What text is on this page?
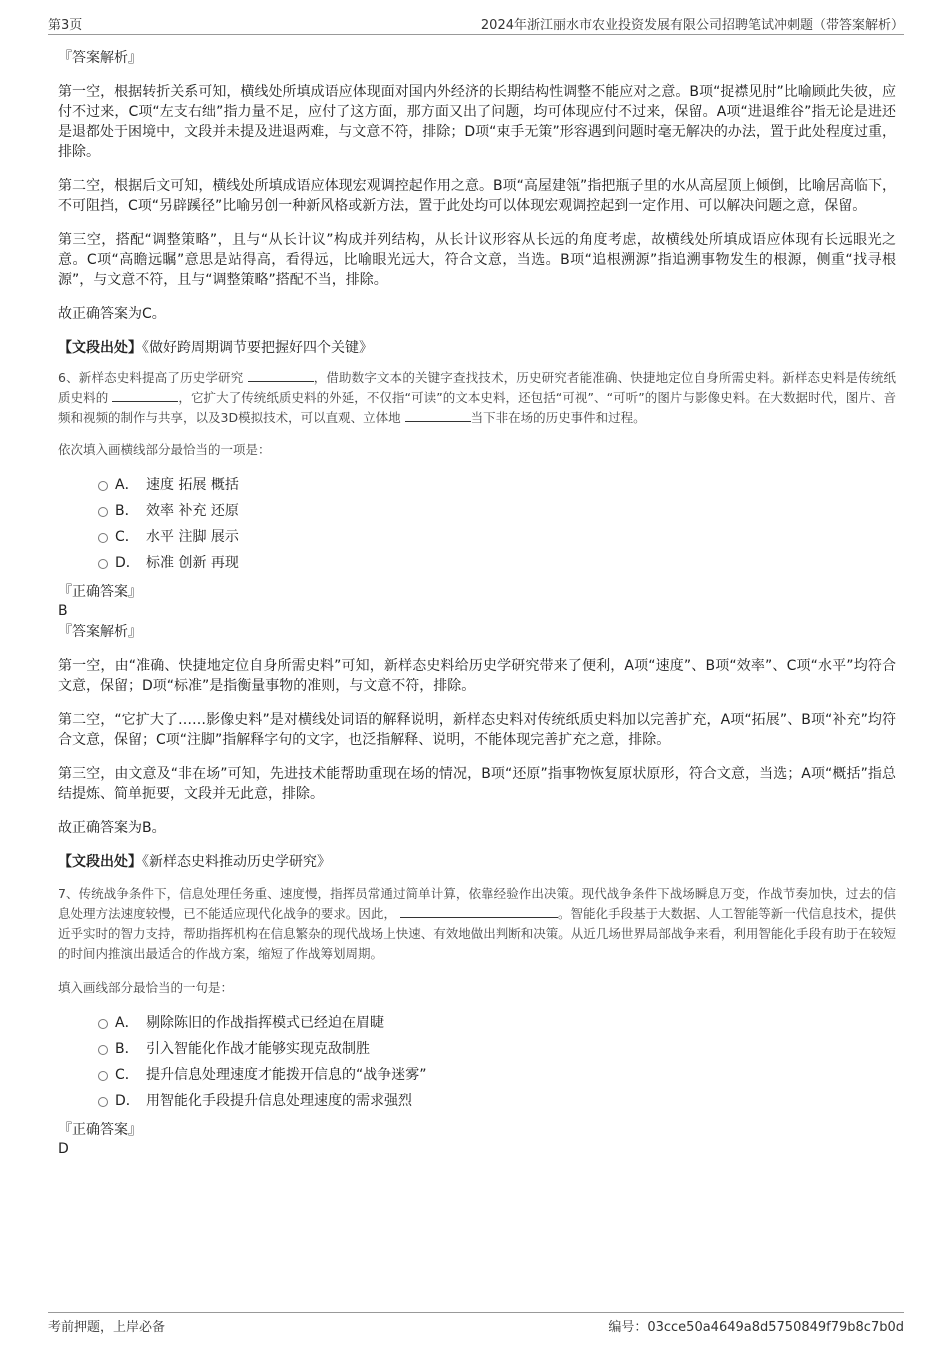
第3页	2024年浙江丽水市农业投资发展有限公司招聘笔试冲刺题（带答案解析）
『答案解析』

第一空，根据转折关系可知，横线处所填成语应体现面对国内外经济的长期结构性调整不能应对之意。B项“捉襟见肘”比喻顾此失彼，应付不过来，C项“左支右绌”指力量不足，应付了这方面，那方面又出了问题，均可体现应付不过来，保留。A项“进退维谷”指无论是进还是退都处于困境中，文段并未提及进退两难，与文意不符，排除；D项“束手无策”形容遇到问题时毫无解决的办法，置于此处程度过重，排除。

第二空，根据后文可知，横线处所填成语应体现宏观调控起作用之意。B项“高屋建瓴”指把瓶子里的水从高屋顶上倾倒，比喻居高临下，不可阻挡，C项“另辟蹊径”比喻另创一种新风格或新方法，置于此处均可以体现宏观调控起到一定作用、可以解决问题之意，保留。

第三空，搭配“调整策略”，且与“从长计议”构成并列结构，从长计议形容从长远的角度考虑，故横线处所填成语应体现有长远眼光之意。C项“高瞻远瞩”意思是站得高，看得远，比喻眼光远大，符合文意，当选。B项“追根溯源”指追溯事物发生的根源，侧重“找寻根源”，与文意不符，且与“调整策略”搭配不当，排除。

故正确答案为C。

【文段出处】《做好跨周期调节要把握好四个关键》

6、新样态史料提高了历史学研究	，借助数字文本的关键字查找技术，历史研究者能准确、快捷地定位自身所需史料。新样态史料是传统纸质史料的	，它扩大了传统纸质史料的外延，不仅指“可读”的文本史料，还包括“可视”、“可听”的图片与影像史料。在大数据时代，图片、音频和视频的制作与共享，以及3D模拟技术，可以直观、立体地	当下非在场的历史事件和过程。

依次填入画横线部分最恰当的一项是：

A． 速度 拓展 概括
B． 效率 补充 还原
C． 水平 注脚 展示
D． 标准 创新 再现
『正确答案』
B
『答案解析』

第一空，由“准确、快捷地定位自身所需史料”可知，新样态史料给历史学研究带来了便利，A项“速度”、B项“效率”、C项“水平”均符合文意，保留；D项“标准”是指衡量事物的准则，与文意不符，排除。

第二空，“它扩大了……影像史料”是对横线处词语的解释说明，新样态史料对传统纸质史料加以完善扩充，A项“拓展”、B项“补充”均符合文意，保留；C项“注脚”指解释字句的文字，也泛指解释、说明，不能体现完善扩充之意，排除。

第三空，由文意及“非在场”可知，先进技术能帮助重现在场的情况，B项“还原”指事物恢复原状原形，符合文意，当选；A项“概括”指总结提炼、简单扼要，文段并无此意，排除。

故正确答案为B。

【文段出处】《新样态史料推动历史学研究》

7、传统战争条件下，信息处理任务重、速度慢，指挥员常通过简单计算，依靠经验作出决策。现代战争条件下战场瞬息万变，作战节奏加快，过去的信息处理方法速度较慢，已不能适应现代化战争的要求。因此，	。智能化手段基于大数据、人工智能等新一代信息技术，提供近乎实时的智力支持，帮助指挥机构在信息繁杂的现代战场上快速、有效地做出判断和决策。从近几场世界局部战争来看，利用智能化手段有助于在较短的时间内推演出最适合的作战方案，缩短了作战筹划周期。

填入画线部分最恰当的一句是：

A． 剔除陈旧的作战指挥模式已经迫在眉睫
B． 引入智能化作战才能够实现克敌制胜
C． 提升信息处理速度才能拨开信息的“战争迷雾”
D． 用智能化手段提升信息处理速度的需求强烈
『正确答案』
D
考前押题，上岸必备	编号：03cce50a4649a8d5750849f79b8c7b0d
